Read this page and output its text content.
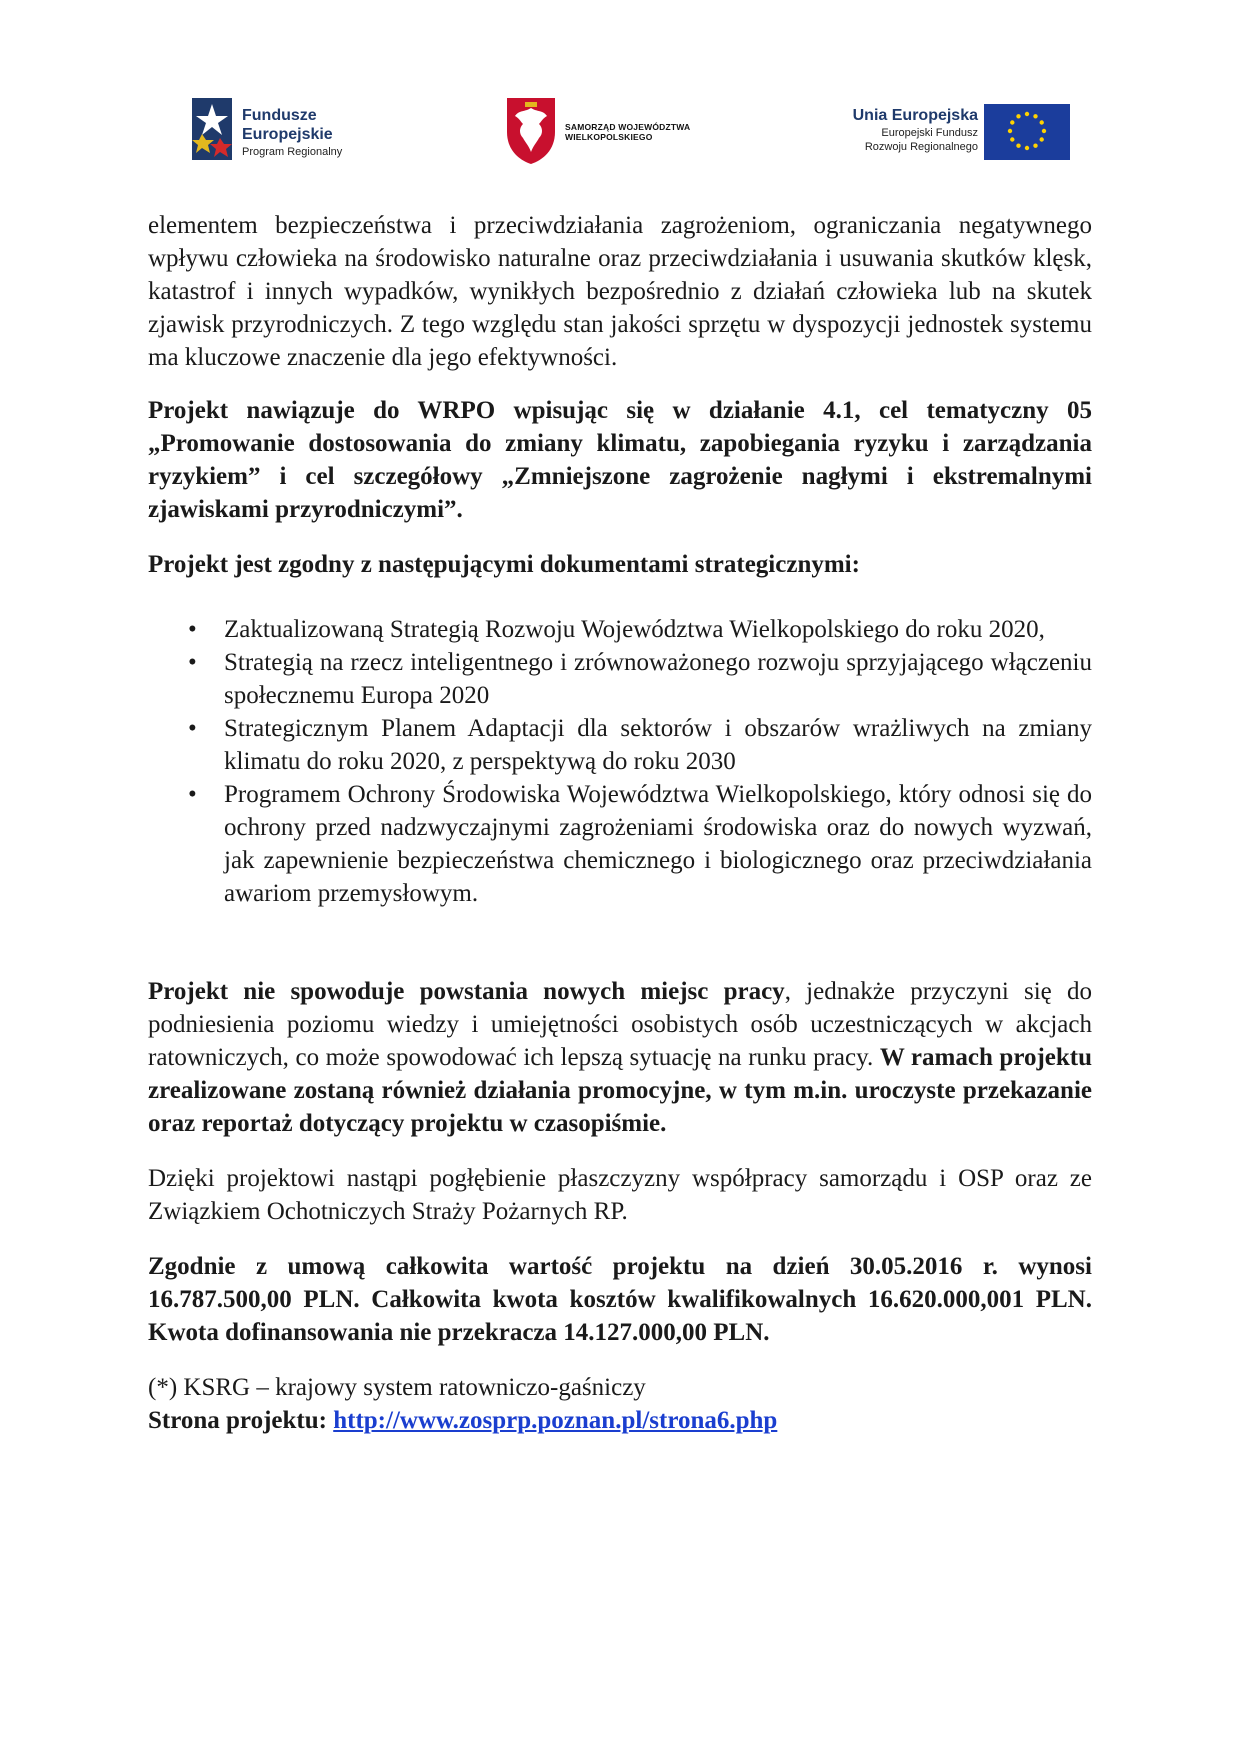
Fundusze
Europejskie
Program Regionalny
SAMORZĄD WOJEWÓDZTWA
WIELKOPOLSKIEGO
Unia Europejska
Europejski Fundusz
Rozwoju Regionalnego

elementem bezpieczeństwa i przeciwdziałania zagrożeniom, ograniczania negatywnego wpływu człowieka na środowisko naturalne oraz przeciwdziałania i usuwania skutków klęsk, katastrof i innych wypadków, wynikłych bezpośrednio z działań człowieka lub na skutek zjawisk przyrodniczych. Z tego względu stan jakości sprzętu w dyspozycji jednostek systemu ma kluczowe znaczenie dla jego efektywności.

Projekt nawiązuje do WRPO wpisując się w działanie 4.1, cel tematyczny 05 „Promowanie dostosowania do zmiany klimatu, zapobiegania ryzyku i zarządzania ryzykiem” i cel szczegółowy „Zmniejszone zagrożenie nagłymi i ekstremalnymi zjawiskami przyrodniczymi”.

Projekt jest zgodny z następującymi dokumentami strategicznymi:

• Zaktualizowaną Strategią Rozwoju Województwa Wielkopolskiego do roku 2020,
• Strategią na rzecz inteligentnego i zrównoważonego rozwoju sprzyjającego włączeniu społecznemu Europa 2020
• Strategicznym Planem Adaptacji dla sektorów i obszarów wrażliwych na zmiany klimatu do roku 2020, z perspektywą do roku 2030
• Programem Ochrony Środowiska Województwa Wielkopolskiego, który odnosi się do ochrony przed nadzwyczajnymi zagrożeniami środowiska oraz do nowych wyzwań, jak zapewnienie bezpieczeństwa chemicznego i biologicznego oraz przeciwdziałania awariom przemysłowym.

Projekt nie spowoduje powstania nowych miejsc pracy, jednakże przyczyni się do podniesienia poziomu wiedzy i umiejętności osobistych osób uczestniczących w akcjach ratowniczych, co może spowodować ich lepszą sytuację na runku pracy. W ramach projektu zrealizowane zostaną również działania promocyjne, w tym m.in. uroczyste przekazanie oraz reportaż dotyczący projektu w czasopiśmie.

Dzięki projektowi nastąpi pogłębienie płaszczyzny współpracy samorządu i OSP oraz ze Związkiem Ochotniczych Straży Pożarnych RP.

Zgodnie z umową całkowita wartość projektu na dzień 30.05.2016 r. wynosi 16.787.500,00 PLN. Całkowita kwota kosztów kwalifikowalnych 16.620.000,001 PLN. Kwota dofinansowania nie przekracza 14.127.000,00 PLN.

(*) KSRG – krajowy system ratowniczo-gaśniczy

Strona projektu: http://www.zosprp.poznan.pl/strona6.php
